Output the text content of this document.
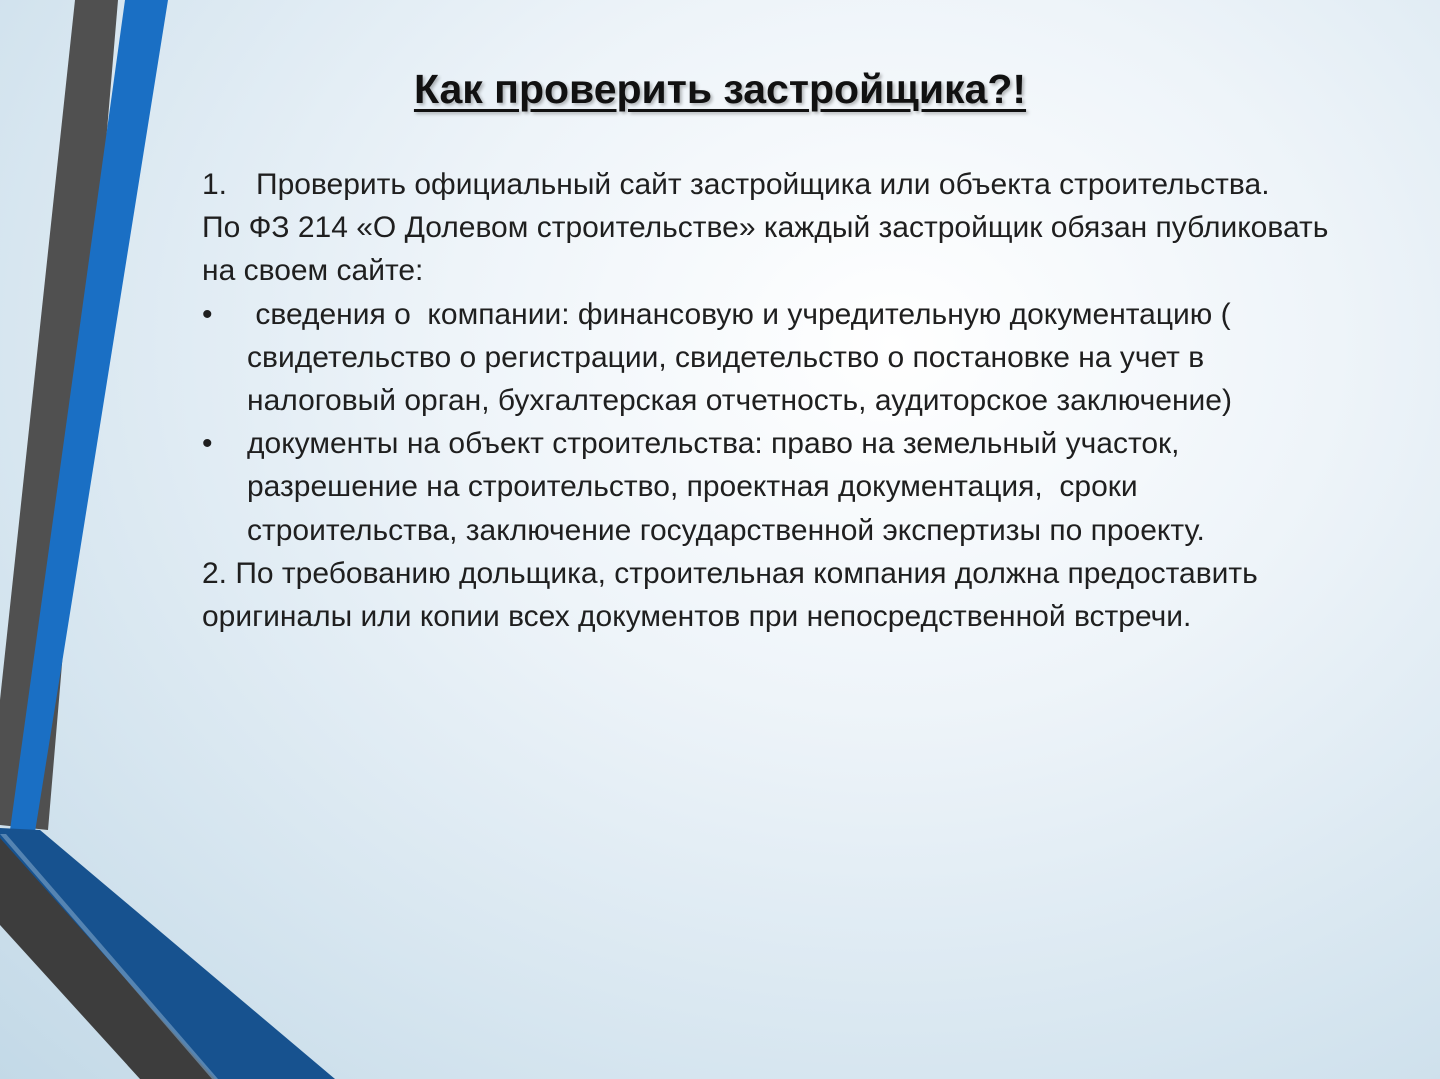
Как проверить застройщика?!
1. Проверить официальный сайт застройщика или объекта строительства.

По ФЗ 214 «О Долевом строительстве» каждый застройщик обязан публиковать на своем сайте:

•	сведения о  компании: финансовую и учредительную документацию ( свидетельство о регистрации, свидетельство о постановке на учет в налоговый орган, бухгалтерская отчетность, аудиторское заключение)
•	документы на объект строительства: право на земельный участок, разрешение на строительство, проектная документация,  сроки строительства, заключение государственной экспертизы по проекту.

2. По требованию дольщика, строительная компания должна предоставить оригиналы или копии всех документов при непосредственной встречи.
